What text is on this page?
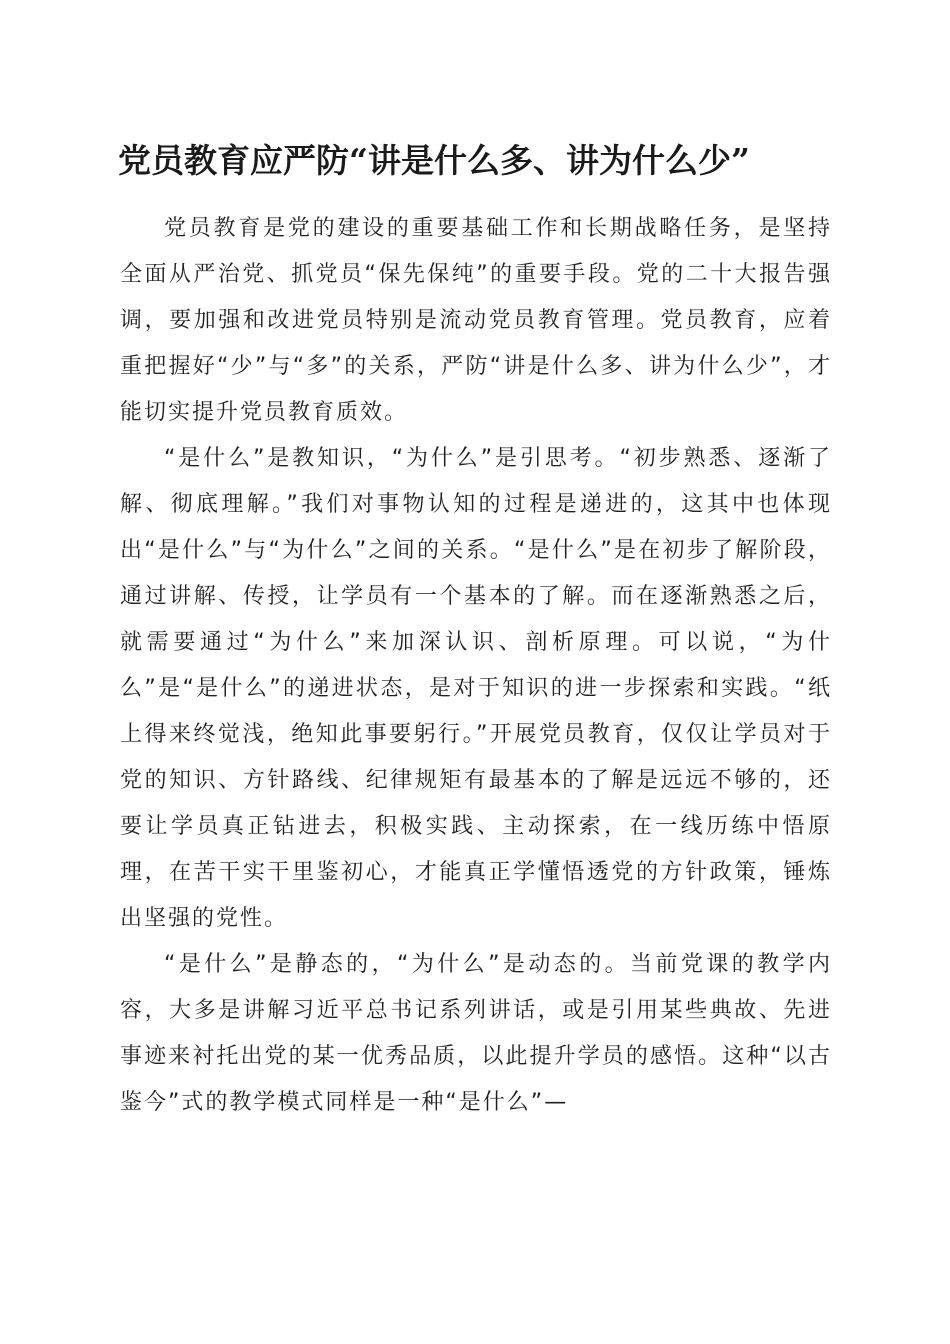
党员教育应严防“讲是什么多、讲为什么少”

党员教育是党的建设的重要基础工作和长期战略任务，是坚持全面从严治党、抓党员“保先保纯”的重要手段。党的二十大报告强调，要加强和改进党员特别是流动党员教育管理。党员教育，应着重把握好“少”与“多”的关系，严防“讲是什么多、讲为什么少”，才能切实提升党员教育质效。

“是什么”是教知识，“为什么”是引思考。“初步熟悉、逐渐了解、彻底理解。”我们对事物认知的过程是递进的，这其中也体现出“是什么”与“为什么”之间的关系。“是什么”是在初步了解阶段，通过讲解、传授，让学员有一个基本的了解。而在逐渐熟悉之后，就需要通过“为什么”来加深认识、剖析原理。可以说，“为什么”是“是什么”的递进状态，是对于知识的进一步探索和实践。“纸上得来终觉浅，绝知此事要躬行。”开展党员教育，仅仅让学员对于党的知识、方针路线、纪律规矩有最基本的了解是远远不够的，还要让学员真正钻进去，积极实践、主动探索，在一线历练中悟原理，在苦干实干里鉴初心，才能真正学懂悟透党的方针政策，锤炼出坚强的党性。

“是什么”是静态的，“为什么”是动态的。当前党课的教学内容，大多是讲解习近平总书记系列讲话，或是引用某些典故、先进事迹来衬托出党的某一优秀品质，以此提升学员的感悟。这种“以古鉴今”式的教学模式同样是一种“是什么”—
